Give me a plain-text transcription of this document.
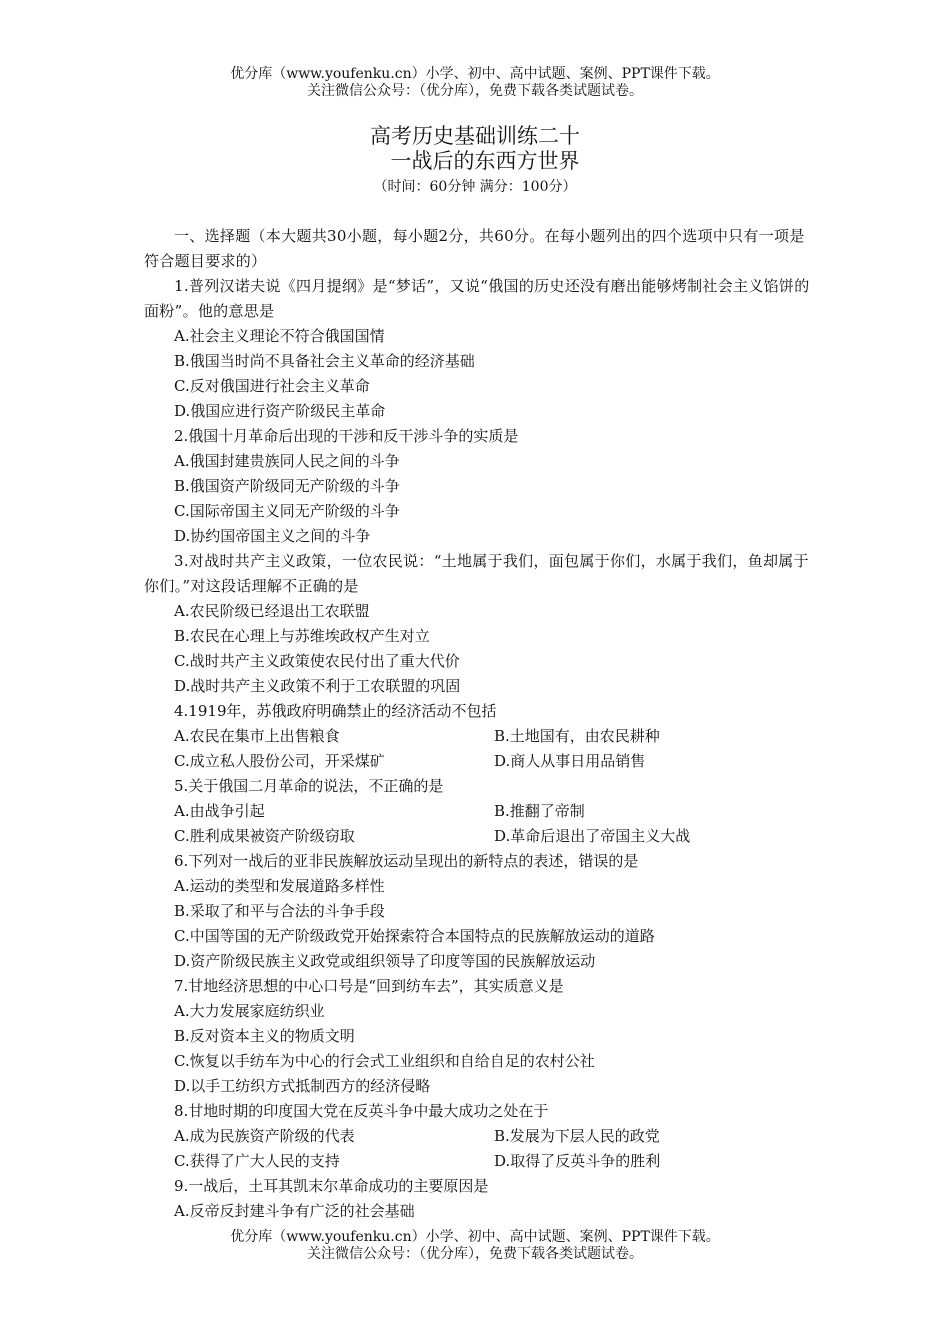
优分库（www.youfenku.cn）小学、初中、高中试题、案例、PPT课件下载。
关注微信公众号：（优分库），免费下载各类试题试卷。
高考历史基础训练二十
一战后的东西方世界
（时间：60分钟 满分：100分）

一、选择题（本大题共30小题，每小题2分，共60分。在每小题列出的四个选项中只有一项是符合题目要求的）

1.普列汉诺夫说《四月提纲》是“梦话”，又说“俄国的历史还没有磨出能够烤制社会主义馅饼的面粉”。他的意思是

A.社会主义理论不符合俄国国情

B.俄国当时尚不具备社会主义革命的经济基础

C.反对俄国进行社会主义革命

D.俄国应进行资产阶级民主革命

2.俄国十月革命后出现的干涉和反干涉斗争的实质是

A.俄国封建贵族同人民之间的斗争

B.俄国资产阶级同无产阶级的斗争

C.国际帝国主义同无产阶级的斗争

D.协约国帝国主义之间的斗争

3.对战时共产主义政策，一位农民说：“土地属于我们，面包属于你们，水属于我们，鱼却属于你们。”对这段话理解不正确的是

A.农民阶级已经退出工农联盟

B.农民在心理上与苏维埃政权产生对立

C.战时共产主义政策使农民付出了重大代价

D.战时共产主义政策不利于工农联盟的巩固

4.1919年，苏俄政府明确禁止的经济活动不包括

A.农民在集市上出售粮食	B.土地国有，由农民耕种
C.成立私人股份公司，开采煤矿	D.商人从事日用品销售

5.关于俄国二月革命的说法，不正确的是

A.由战争引起	B.推翻了帝制
C.胜利成果被资产阶级窃取	D.革命后退出了帝国主义大战

6.下列对一战后的亚非民族解放运动呈现出的新特点的表述，错误的是

A.运动的类型和发展道路多样性

B.采取了和平与合法的斗争手段

C.中国等国的无产阶级政党开始探索符合本国特点的民族解放运动的道路

D.资产阶级民族主义政党或组织领导了印度等国的民族解放运动

7.甘地经济思想的中心口号是“回到纺车去”，其实质意义是

A.大力发展家庭纺织业

B.反对资本主义的物质文明

C.恢复以手纺车为中心的行会式工业组织和自给自足的农村公社

D.以手工纺织方式抵制西方的经济侵略

8.甘地时期的印度国大党在反英斗争中最大成功之处在于

A.成为民族资产阶级的代表	B.发展为下层人民的政党
C.获得了广大人民的支持	D.取得了反英斗争的胜利

9.一战后，土耳其凯末尔革命成功的主要原因是

A.反帝反封建斗争有广泛的社会基础

优分库（www.youfenku.cn）小学、初中、高中试题、案例、PPT课件下载。
关注微信公众号：（优分库），免费下载各类试题试卷。
